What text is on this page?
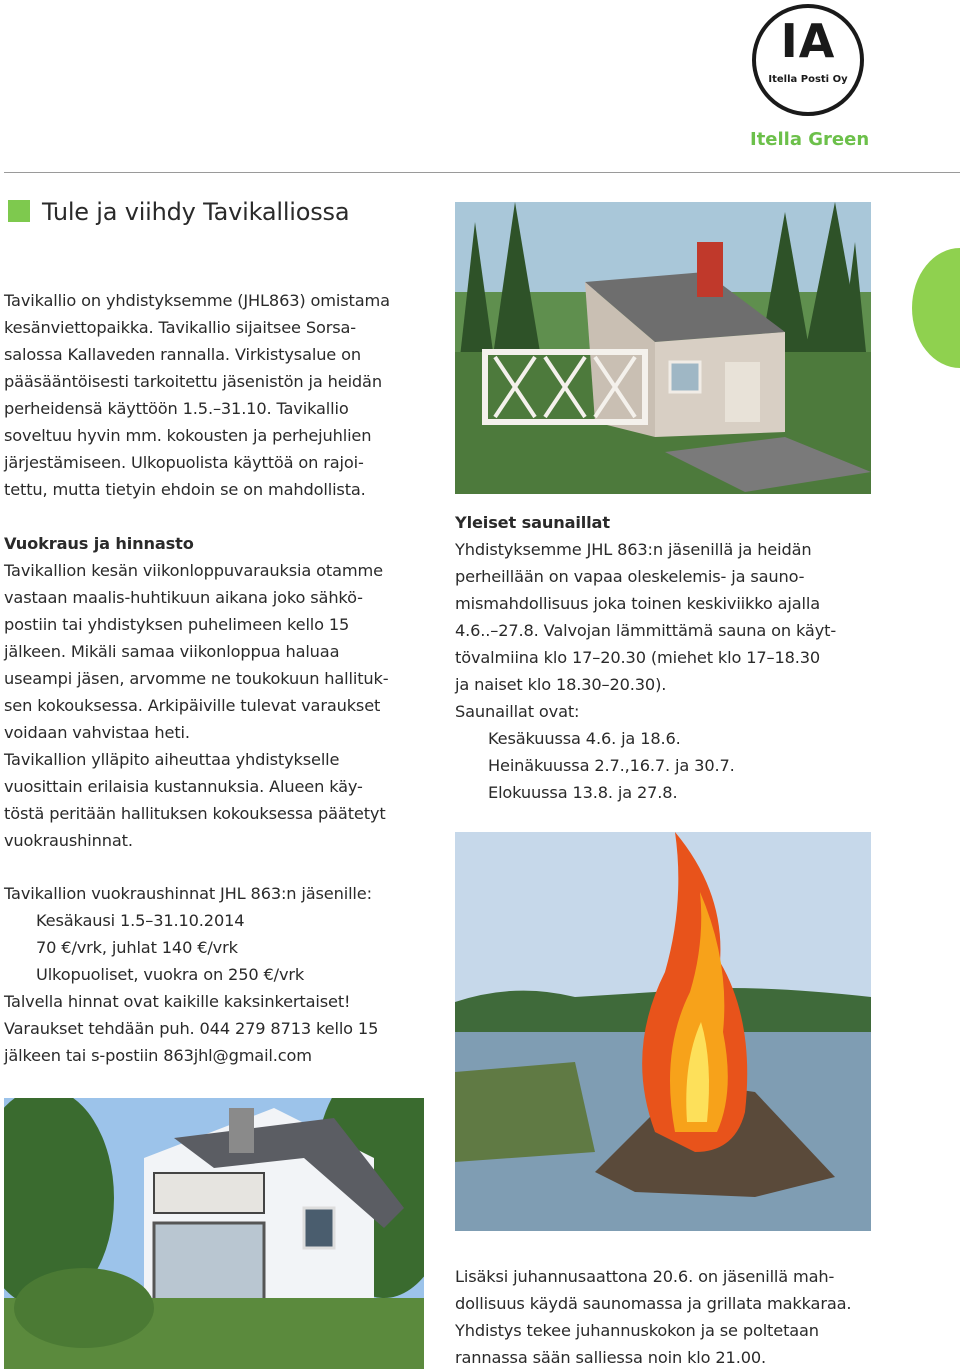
IA
Itella Posti Oy
Itella Green
Tule ja viihdy Tavikalliossa
Tavikallio on yhdistyksemme (JHL863) omistama
kesänviettopaikka. Tavikallio sijaitsee Sorsa-
salossa Kallaveden rannalla. Virkistysalue on
pääsääntöisesti tarkoitettu jäsenistön ja heidän
perheidensä käyttöön 1.5.–31.10. Tavikallio
soveltuu hyvin mm. kokousten ja perhejuhlien
järjestämiseen. Ulkopuolista käyttöä on rajoi-
tettu, mutta tietyin ehdoin se on mahdollista.
Vuokraus ja hinnasto
Tavikallion kesän viikonloppuvarauksia otamme
vastaan maalis-huhtikuun aikana joko sähkö-
postiin tai yhdistyksen puhelimeen kello 15
jälkeen. Mikäli samaa viikonloppua haluaa
useampi jäsen, arvomme ne toukokuun hallituk-
sen kokouksessa. Arkipäiville tulevat varaukset
voidaan vahvistaa heti.
Tavikallion ylläpito aiheuttaa yhdistykselle
vuosittain erilaisia kustannuksia. Alueen käy-
töstä peritään hallituksen kokouksessa päätetyt
vuokraushinnat.
Tavikallion vuokraushinnat JHL 863:n jäsenille:
Kesäkausi 1.5–31.10.2014
70 €/vrk, juhlat 140 €/vrk
Ulkopuoliset, vuokra on 250 €/vrk
Talvella hinnat ovat kaikille kaksinkertaiset!
Varaukset tehdään puh. 044 279 8713 kello 15
jälkeen tai s-postiin 863jhl@gmail.com
Yleiset saunaillat
Yhdistyksemme JHL 863:n jäsenillä ja heidän
perheillään on vapaa oleskelemis- ja sauno-
mismahdollisuus joka toinen keskiviikko ajalla
4.6..–27.8. Valvojan lämmittämä sauna on käyt-
tövalmiina klo 17–20.30 (miehet klo 17–18.30
ja naiset klo 18.30–20.30).
Saunaillat ovat:
Kesäkuussa 4.6. ja 18.6.
Heinäkuussa 2.7.,16.7. ja 30.7.
Elokuussa 13.8. ja 27.8.
Lisäksi juhannusaattona 20.6. on jäsenillä mah-
dollisuus käydä saunomassa ja grillata makkaraa.
Yhdistys tekee juhannuskokon ja se poltetaan
rannassa sään salliessa noin klo 21.00.
